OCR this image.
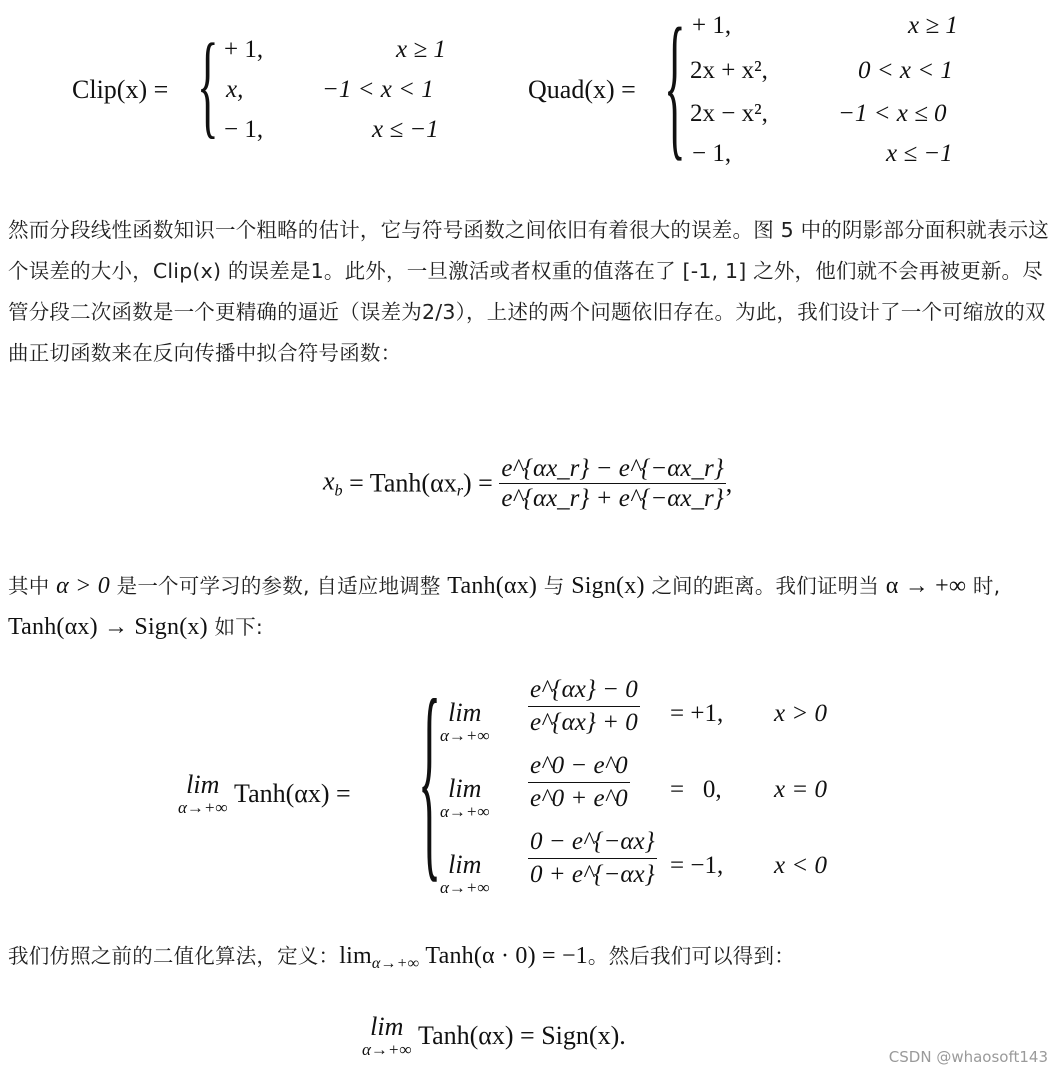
Clip(x) = { + 1,	x ≥ 1
x,	−1 < x < 1
− 1,	x ≤ −1
Quad(x) = { + 1,	x ≥ 1
2x + x²,	0 < x < 1
2x − x²,	−1 < x ≤ 0
− 1,	x ≤ −1

然而分段线性函数知识一个粗略的估计，它与符号函数之间依旧有着很大的误差。图 5 中的阴影部分面积就表示这个误差的大小，Clip(x) 的误差是1。此外，一旦激活或者权重的值落在了 [-1, 1] 之外，他们就不会再被更新。尽管分段二次函数是一个更精确的逼近（误差为2/3），上述的两个问题依旧存在。为此，我们设计了一个可缩放的双曲正切函数来在反向传播中拟合符号函数：

$x_b$ = $Tanh(\alpha x_r) = \frac{e\^{}\{\alpha x\_r\} - e\^{}\{-\alpha x\_r\}}{e\^{}\{\alpha x\_r\} + e\^{}\{-\alpha x\_r\}}$ ,

其中 α > 0 是一个可学习的参数, 自适应地调整 Tanh(αx) 与 Sign(x) 之间的距离。我们证明当 α → +∞ 时, Tanh(αx) → Sign(x) 如下:

lim
α→+∞ Tanh(αx) = { lim
$\alpha\to+\infty \frac{e\^{}\{\alpha x\} - 0}{e\^{}\{\alpha x\} + 0} = +1$, x > 0
lim
$\alpha\to+\infty \frac{e\^{}0 - e\^{}0}{e\^{}0 + e\^{}0} = 0$, x = 0
lim
$\alpha\to+\infty \frac{0 - e\^{}\{-\alpha x\}}{0 + e\^{}\{-\alpha x\}} = -1$, x < 0

我们仿照之前的二值化算法，定义：$\lim_{\alpha\to+\infty}$ Tanh(α · 0) = −1。然后我们可以得到：

lim
α→+∞ Tanh(αx) = Sign(x).
CSDN @whaosoft143
